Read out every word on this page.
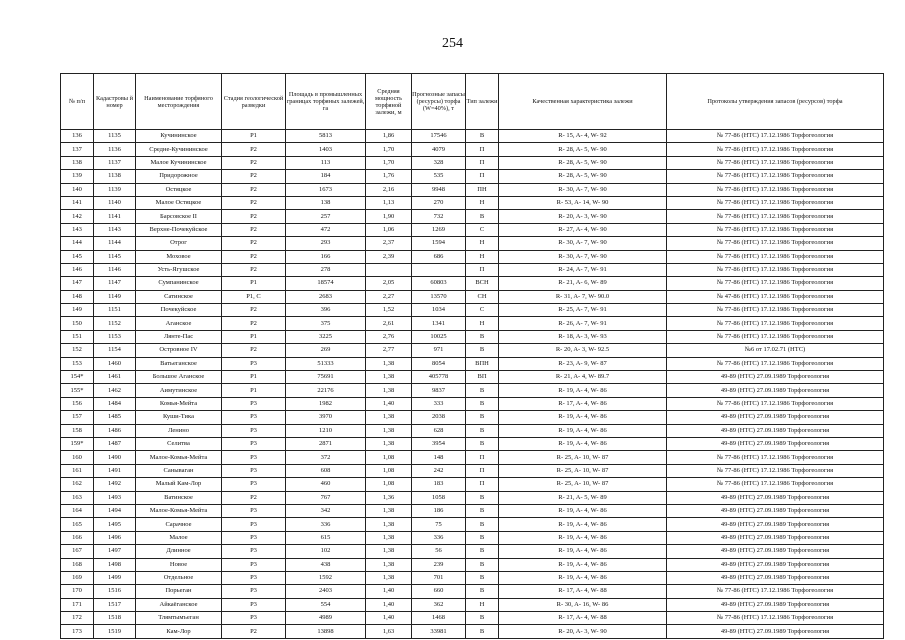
254
№ п/п	Кадастровы й номер	Наименование торфяного месторождения	Стадия геологической разведки	Площадь в промышленных границах торфяных залежей, га	Средняя мощность торфяной залежи, м	Прогнозные запасы (ресурсы) торфа (W=40%), т	Тип залежи	Качественная характеристика залежи	Протоколы утверждения запасов (ресурсов) торфа
136	1135	Кучининское	P1	5813	1,86	17546	B	R- 15, A- 4, W- 92	№ 77-86 (НТС) 17.12.1986 Торфогеология
137	1136	Средне-Кучининское	P2	1403	1,70	4079	П	R- 28, A- 5, W- 90	№ 77-86 (НТС) 17.12.1986 Торфогеология
138	1137	Малое Кучининское	P2	113	1,70	328	П	R- 28, A- 5, W- 90	№ 77-86 (НТС) 17.12.1986 Торфогеология
139	1138	Придорожное	P2	184	1,76	535	П	R- 28, A- 5, W- 90	№ 77-86 (НТС) 17.12.1986 Торфогеология
140	1139	Остяцкое	P2	1673	2,16	9948	ПН	R- 30, A- 7, W- 90	№ 77-86 (НТС) 17.12.1986 Торфогеология
141	1140	Малое Остяцкое	P2	138	1,13	270	Н	R- 53, A- 14, W- 90	№ 77-86 (НТС) 17.12.1986 Торфогеология
142	1141	Барсовское II	P2	257	1,90	732	B	R- 20, A- 3, W- 90	№ 77-86 (НТС) 17.12.1986 Торфогеология
143	1143	Верхне-Почекуйское	P2	472	1,06	1269	C	R- 27, A- 4, W- 90	№ 77-86 (НТС) 17.12.1986 Торфогеология
144	1144	Отрог	P2	293	2,37	1594	Н	R- 30, A- 7, W- 90	№ 77-86 (НТС) 17.12.1986 Торфогеология
145	1145	Моховое	P2	166	2,39	686	Н	R- 30, A- 7, W- 90	№ 77-86 (НТС) 17.12.1986 Торфогеология
146	1146	Усть-Ягушское	P2	278			П	R- 24, A- 7, W- 91	№ 77-86 (НТС) 17.12.1986 Торфогеология
147	1147	Сумпанинское	P1	18574	2,05	60803	ВСН	R- 21, A- 6, W- 89	№ 77-86 (НТС) 17.12.1986 Торфогеология
148	1149	Сатинское	P1, C	2683	2,27	13570	СН	R- 31, A- 7, W- 90.0	№ 47-86 (НТС) 17.12.1986 Торфогеология
149	1151	Почекуйское	P2	396	1,52	1034	C	R- 25, A- 7, W- 91	№ 77-86 (НТС) 17.12.1986 Торфогеология
150	1152	Аганское	P2	375	2,61	1341	Н	R- 26, A- 7, W- 91	№ 77-86 (НТС) 17.12.1986 Торфогеология
151	1153	Лянте-Пас	P1	3225	2,76	10025	B	R- 18, A- 3, W- 93	№ 77-86 (НТС) 17.12.1986 Торфогеология
152	1154	Островное IV	P2	269	2,77	971	B	R- 20, A- 3, W- 92.5	№6 от 17.02.71 (НТС)
153	1460	Ватьеганское	P3	51333	1,38	8054	ВПН	R- 23, A- 9, W- 87	№ 77-86 (НТС) 17.12.1986 Торфогеология
154*	1461	Большое Аганское	P1	75691	1,38	405778	ВП	R- 21, A- 4, W- 89.7	49-89 (НТС) 27.09.1989 Торфогеология
155*	1462	Аимутинское	P1	22176	1,38	9837	B	R- 19, A- 4, W- 86	49-89 (НТС) 27.09.1989 Торфогеология
156	1484	Комья-Мейта	P3	1982	1,40	333	B	R- 17, A- 4, W- 86	№ 77-86 (НТС) 17.12.1986 Торфогеология
157	1485	Куши-Тика	P3	3970	1,38	2038	B	R- 19, A- 4, W- 86	49-89 (НТС) 27.09.1989 Торфогеология
158	1486	Ленино	P3	1210	1,38	628	B	R- 19, A- 4, W- 86	49-89 (НТС) 27.09.1989 Торфогеология
159*	1487	Селитва	P3	2871	1,38	3954	B	R- 19, A- 4, W- 86	49-89 (НТС) 27.09.1989 Торфогеология
160	1490	Малое-Комья-Мейта	P3	372	1,08	148	П	R- 25, A- 10, W- 87	№ 77-86 (НТС) 17.12.1986 Торфогеология
161	1491	Санываган	P3	608	1,08	242	П	R- 25, A- 10, W- 87	№ 77-86 (НТС) 17.12.1986 Торфогеология
162	1492	Малый Кам-Лор	P3	460	1,08	183	П	R- 25, A- 10, W- 87	№ 77-86 (НТС) 17.12.1986 Торфогеология
163	1493	Ватинское	P2	767	1,36	1058	B	R- 21, A- 5, W- 89	49-89 (НТС) 27.09.1989 Торфогеология
164	1494	Малое-Комья-Мейта	P3	342	1,38	186	B	R- 19, A- 4, W- 86	49-89 (НТС) 27.09.1989 Торфогеология
165	1495	Сарачное	P3	336	1,38	75	B	R- 19, A- 4, W- 86	49-89 (НТС) 27.09.1989 Торфогеология
166	1496	Малое	P3	615	1,38	336	B	R- 19, A- 4, W- 86	49-89 (НТС) 27.09.1989 Торфогеология
167	1497	Длинное	P3	102	1,38	56	B	R- 19, A- 4, W- 86	49-89 (НТС) 27.09.1989 Торфогеология
168	1498	Новое	P3	438	1,38	239	B	R- 19, A- 4, W- 86	49-89 (НТС) 27.09.1989 Торфогеология
169	1499	Отдельное	P3	1592	1,38	701	B	R- 19, A- 4, W- 86	49-89 (НТС) 27.09.1989 Торфогеология
170	1516	Порьеган	P3	2403	1,40	660	B	R- 17, A- 4, W- 88	№ 77-86 (НТС) 17.12.1986 Торфогеология
171	1517	Айкаёганское	P3	554	1,40	362	Н	R- 30, A- 16, W- 86	49-89 (НТС) 27.09.1989 Торфогеология
172	1518	Тлямтымъеган	P3	4989	1,40	1468	B	R- 17, A- 4, W- 88	№ 77-86 (НТС) 17.12.1986 Торфогеология
173	1519	Кам-Лор	P2	13898	1,63	33981	B	R- 20, A- 3, W- 90	49-89 (НТС) 27.09.1989 Торфогеология
